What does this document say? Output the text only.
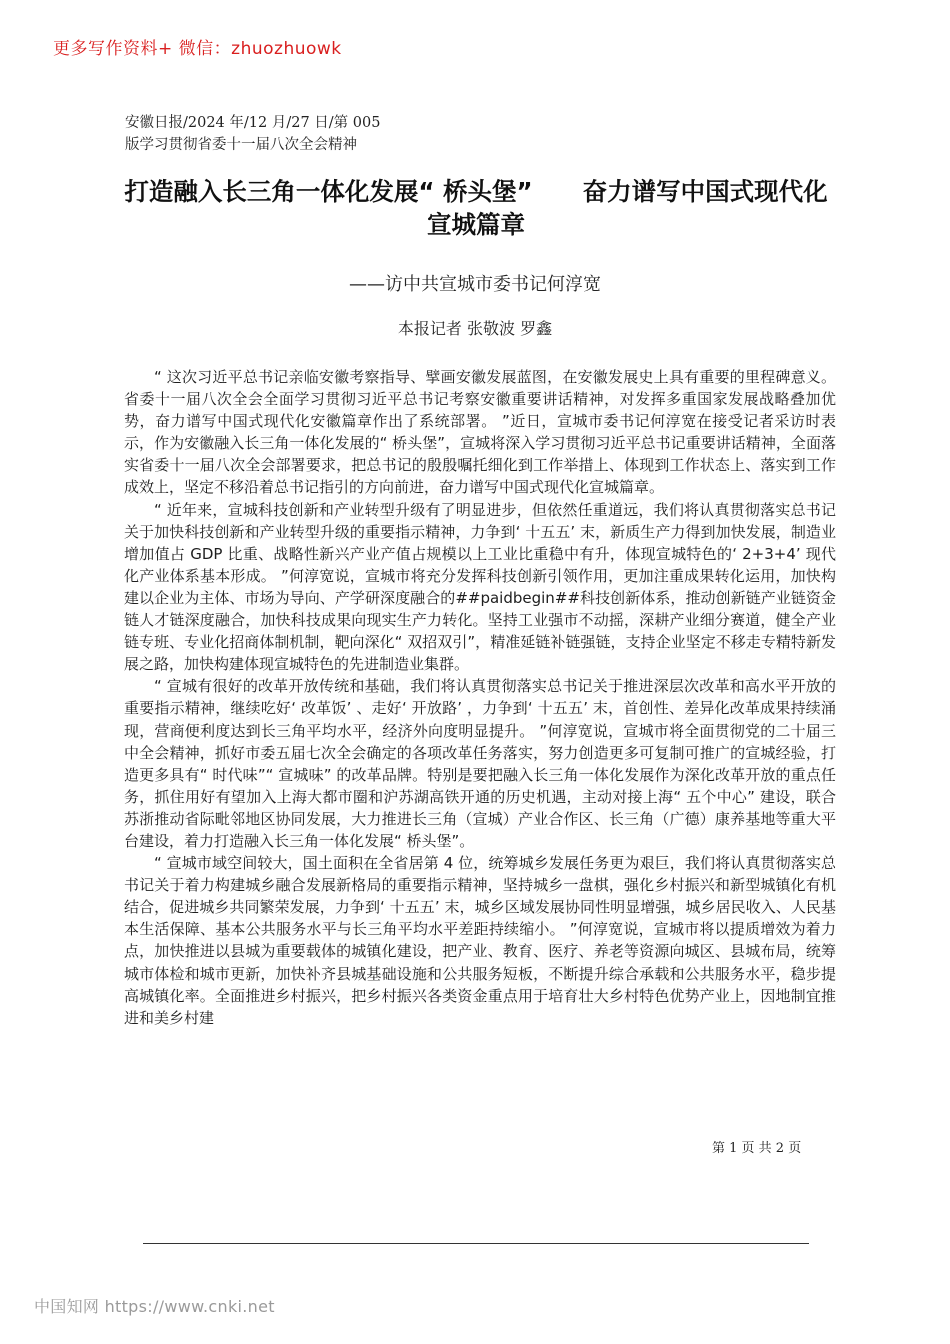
更多写作资料+ 微信：zhuozhuowk
安徽日报/2024 年/12 月/27 日/第 005
版学习贯彻省委十一届八次全会精神
打造融入长三角一体化发展“ 桥头堡” 奋力谱写中国式现代化宣城篇章
——访中共宣城市委书记何淳宽
本报记者 张敬波 罗鑫

“ 这次习近平总书记亲临安徽考察指导、擘画安徽发展蓝图，在安徽发展史上具有重要的里程碑意义。省委十一届八次全会全面学习贯彻习近平总书记考察安徽重要讲话精神，对发挥多重国家发展战略叠加优势，奋力谱写中国式现代化安徽篇章作出了系统部署。 ”近日，宣城市委书记何淳宽在接受记者采访时表示，作为安徽融入长三角一体化发展的“ 桥头堡”，宣城将深入学习贯彻习近平总书记重要讲话精神，全面落实省委十一届八次全会部署要求，把总书记的殷殷嘱托细化到工作举措上、体现到工作状态上、落实到工作成效上，坚定不移沿着总书记指引的方向前进，奋力谱写中国式现代化宣城篇章。

“ 近年来，宣城科技创新和产业转型升级有了明显进步，但依然任重道远，我们将认真贯彻落实总书记关于加快科技创新和产业转型升级的重要指示精神，力争到‘ 十五五’ 末，新质生产力得到加快发展，制造业增加值占 GDP 比重、战略性新兴产业产值占规模以上工业比重稳中有升，体现宣城特色的‘ 2+3+4’ 现代化产业体系基本形成。 ”何淳宽说，宣城市将充分发挥科技创新引领作用，更加注重成果转化运用，加快构建以企业为主体、市场为导向、产学研深度融合的##paidbegin##科技创新体系，推动创新链产业链资金链人才链深度融合，加快科技成果向现实生产力转化。坚持工业强市不动摇，深耕产业细分赛道，健全产业链专班、专业化招商体制机制，靶向深化“ 双招双引”，精准延链补链强链，支持企业坚定不移走专精特新发展之路，加快构建体现宣城特色的先进制造业集群。

“ 宣城有很好的改革开放传统和基础，我们将认真贯彻落实总书记关于推进深层次改革和高水平开放的重要指示精神，继续吃好‘ 改革饭’ 、走好‘ 开放路’ ，力争到‘ 十五五’ 末，首创性、差异化改革成果持续涌现，营商便利度达到长三角平均水平，经济外向度明显提升。 ”何淳宽说，宣城市将全面贯彻党的二十届三中全会精神，抓好市委五届七次全会确定的各项改革任务落实，努力创造更多可复制可推广的宣城经验，打造更多具有“ 时代味”“ 宣城味” 的改革品牌。特别是要把融入长三角一体化发展作为深化改革开放的重点任务，抓住用好有望加入上海大都市圈和沪苏湖高铁开通的历史机遇，主动对接上海“ 五个中心” 建设，联合苏浙推动省际毗邻地区协同发展，大力推进长三角（宣城）产业合作区、长三角（广德）康养基地等重大平台建设，着力打造融入长三角一体化发展“ 桥头堡”。

“ 宣城市域空间较大，国土面积在全省居第 4 位，统筹城乡发展任务更为艰巨，我们将认真贯彻落实总书记关于着力构建城乡融合发展新格局的重要指示精神，坚持城乡一盘棋，强化乡村振兴和新型城镇化有机结合，促进城乡共同繁荣发展，力争到‘ 十五五’ 末，城乡区域发展协同性明显增强，城乡居民收入、人民基本生活保障、基本公共服务水平与长三角平均水平差距持续缩小。 ”何淳宽说，宣城市将以提质增效为着力点，加快推进以县城为重要载体的城镇化建设，把产业、教育、医疗、养老等资源向城区、县城布局，统筹城市体检和城市更新，加快补齐县城基础设施和公共服务短板，不断提升综合承载和公共服务水平，稳步提高城镇化率。全面推进乡村振兴，把乡村振兴各类资金重点用于培育壮大乡村特色优势产业上，因地制宜推进和美乡村建

第 1 页 共 2 页
中国知网 https://www.cnki.net
